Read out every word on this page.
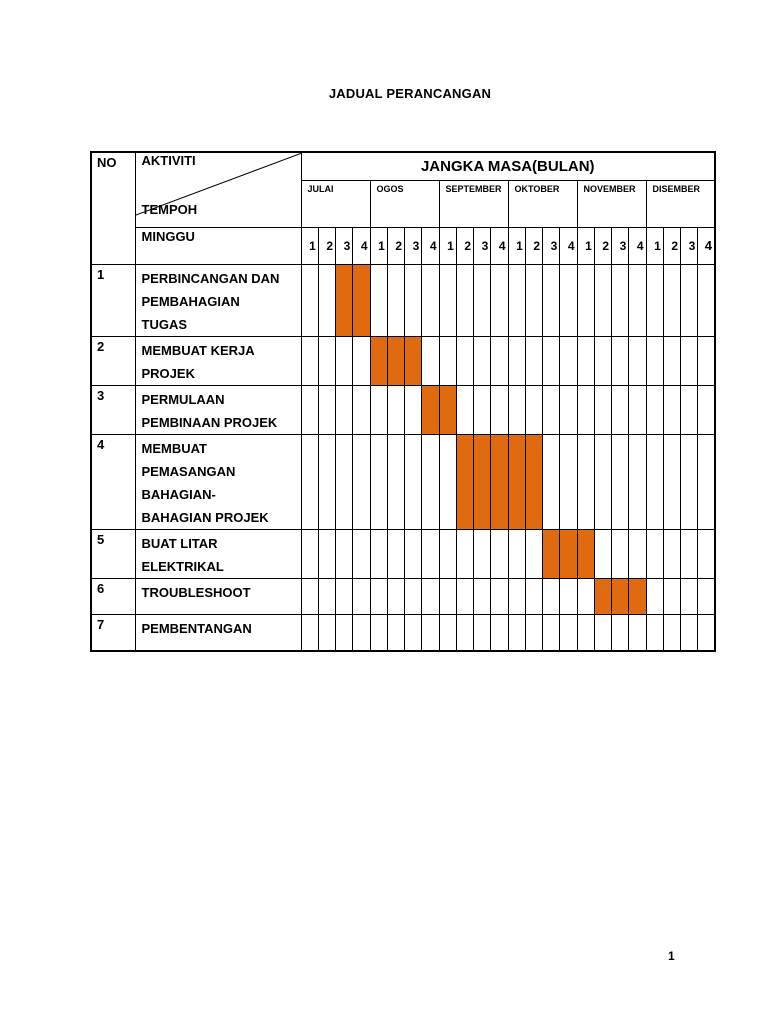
JADUAL PERANCANGAN
NO	AKTIVITI
TEMPOH	JANGKA MASA(BULAN)																							
		JULAI				OGOS				SEPTEMBER				OKTOBER				NOVEMBER				DISEMBER			
	MINGGU	1	2	3	4	1	2	3	4	1	2	3	4	1	2	3	4	1	2	3	4	1	2	3	4
1	PERBINCANGAN DAN
PEMBAHAGIAN
TUGAS																								

2	MEMBUAT KERJA
PROJEK																								

3	PERMULAAN
PEMBINAAN PROJEK																								

4	MEMBUAT
PEMASANGAN
BAHAGIAN-
BAHAGIAN PROJEK																								

5	BUAT LITAR
ELEKTRIKAL																								

6	TROUBLESHOOT																								

7	PEMBENTANGAN																								

1
